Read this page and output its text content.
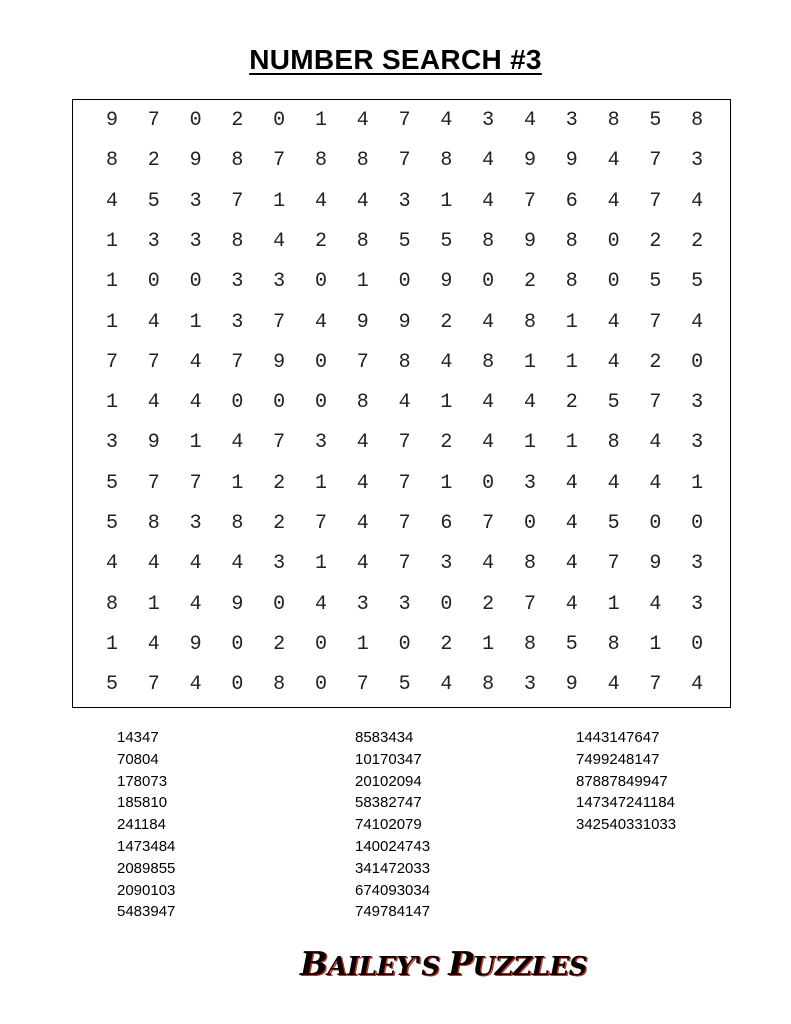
NUMBER SEARCH #3
9	7	0	2	0	1	4	7	4	3	4	3	8	5	8
8	2	9	8	7	8	8	7	8	4	9	9	4	7	3
4	5	3	7	1	4	4	3	1	4	7	6	4	7	4
1	3	3	8	4	2	8	5	5	8	9	8	0	2	2
1	0	0	3	3	0	1	0	9	0	2	8	0	5	5
1	4	1	3	7	4	9	9	2	4	8	1	4	7	4
7	7	4	7	9	0	7	8	4	8	1	1	4	2	0
1	4	4	0	0	0	8	4	1	4	4	2	5	7	3
3	9	1	4	7	3	4	7	2	4	1	1	8	4	3
5	7	7	1	2	1	4	7	1	0	3	4	4	4	1
5	8	3	8	2	7	4	7	6	7	0	4	5	0	0
4	4	4	4	3	1	4	7	3	4	8	4	7	9	3
8	1	4	9	0	4	3	3	0	2	7	4	1	4	3
1	4	9	0	2	0	1	0	2	1	8	5	8	1	0
5	7	4	0	8	0	7	5	4	8	3	9	4	7	4
14347
70804
178073
185810
241184
1473484
2089855
2090103
5483947
8583434
10170347
20102094
58382747
74102079
140024743
341472033
674093034
749784147
1443147647
7499248147
87887849947
147347241184
342540331033
BAILEY'S PUZZLES
